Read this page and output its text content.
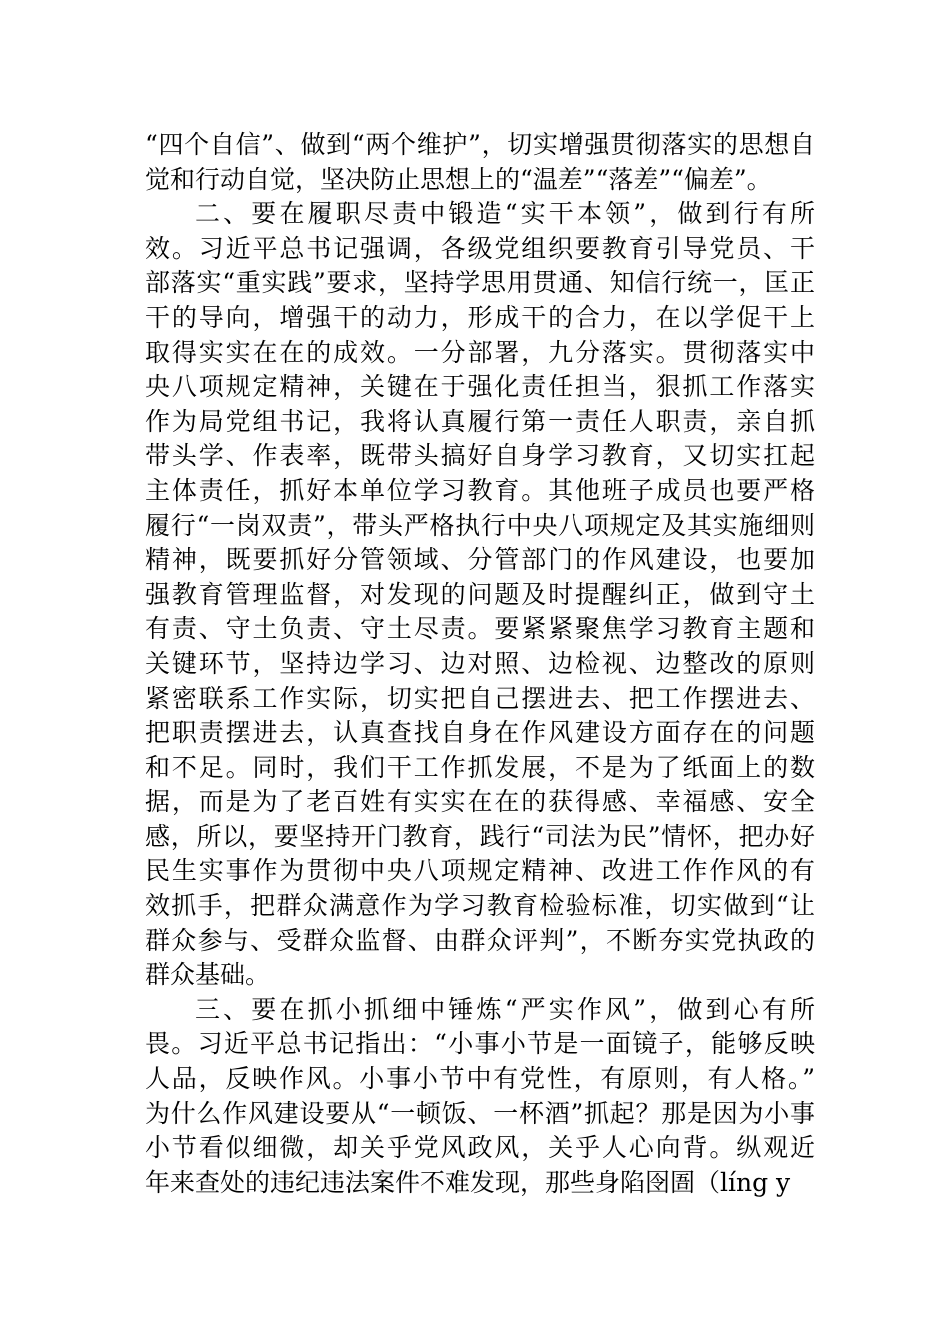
“四个自信”、做到“两个维护”，切实增强贯彻落实的思想自
觉和行动自觉，坚决防止思想上的“温差”“落差”“偏差”。
二、要在履职尽责中锻造“实干本领”，做到行有所
效。习近平总书记强调，各级党组织要教育引导党员、干
部落实“重实践”要求，坚持学思用贯通、知信行统一，匡正
干的导向，增强干的动力，形成干的合力，在以学促干上
取得实实在在的成效。一分部署，九分落实。贯彻落实中
央八项规定精神，关键在于强化责任担当，狠抓工作落实
作为局党组书记，我将认真履行第一责任人职责，亲自抓
带头学、作表率，既带头搞好自身学习教育，又切实扛起
主体责任，抓好本单位学习教育。其他班子成员也要严格
履行“一岗双责”，带头严格执行中央八项规定及其实施细则
精神，既要抓好分管领域、分管部门的作风建设，也要加
强教育管理监督，对发现的问题及时提醒纠正，做到守土
有责、守土负责、守土尽责。要紧紧聚焦学习教育主题和
关键环节，坚持边学习、边对照、边检视、边整改的原则
紧密联系工作实际，切实把自己摆进去、把工作摆进去、
把职责摆进去，认真查找自身在作风建设方面存在的问题
和不足。同时，我们干工作抓发展，不是为了纸面上的数
据，而是为了老百姓有实实在在的获得感、幸福感、安全
感，所以，要坚持开门教育，践行“司法为民”情怀，把办好
民生实事作为贯彻中央八项规定精神、改进工作作风的有
效抓手，把群众满意作为学习教育检验标准，切实做到“让
群众参与、受群众监督、由群众评判”，不断夯实党执政的
群众基础。
三、要在抓小抓细中锤炼“严实作风”，做到心有所
畏。习近平总书记指出：“小事小节是一面镜子，能够反映
人品，反映作风。小事小节中有党性，有原则，有人格。”
为什么作风建设要从“一顿饭、一杯酒”抓起？那是因为小事
小节看似细微，却关乎党风政风，关乎人心向背。纵观近
年来查处的违纪违法案件不难发现，那些身陷囹圄（líng y
